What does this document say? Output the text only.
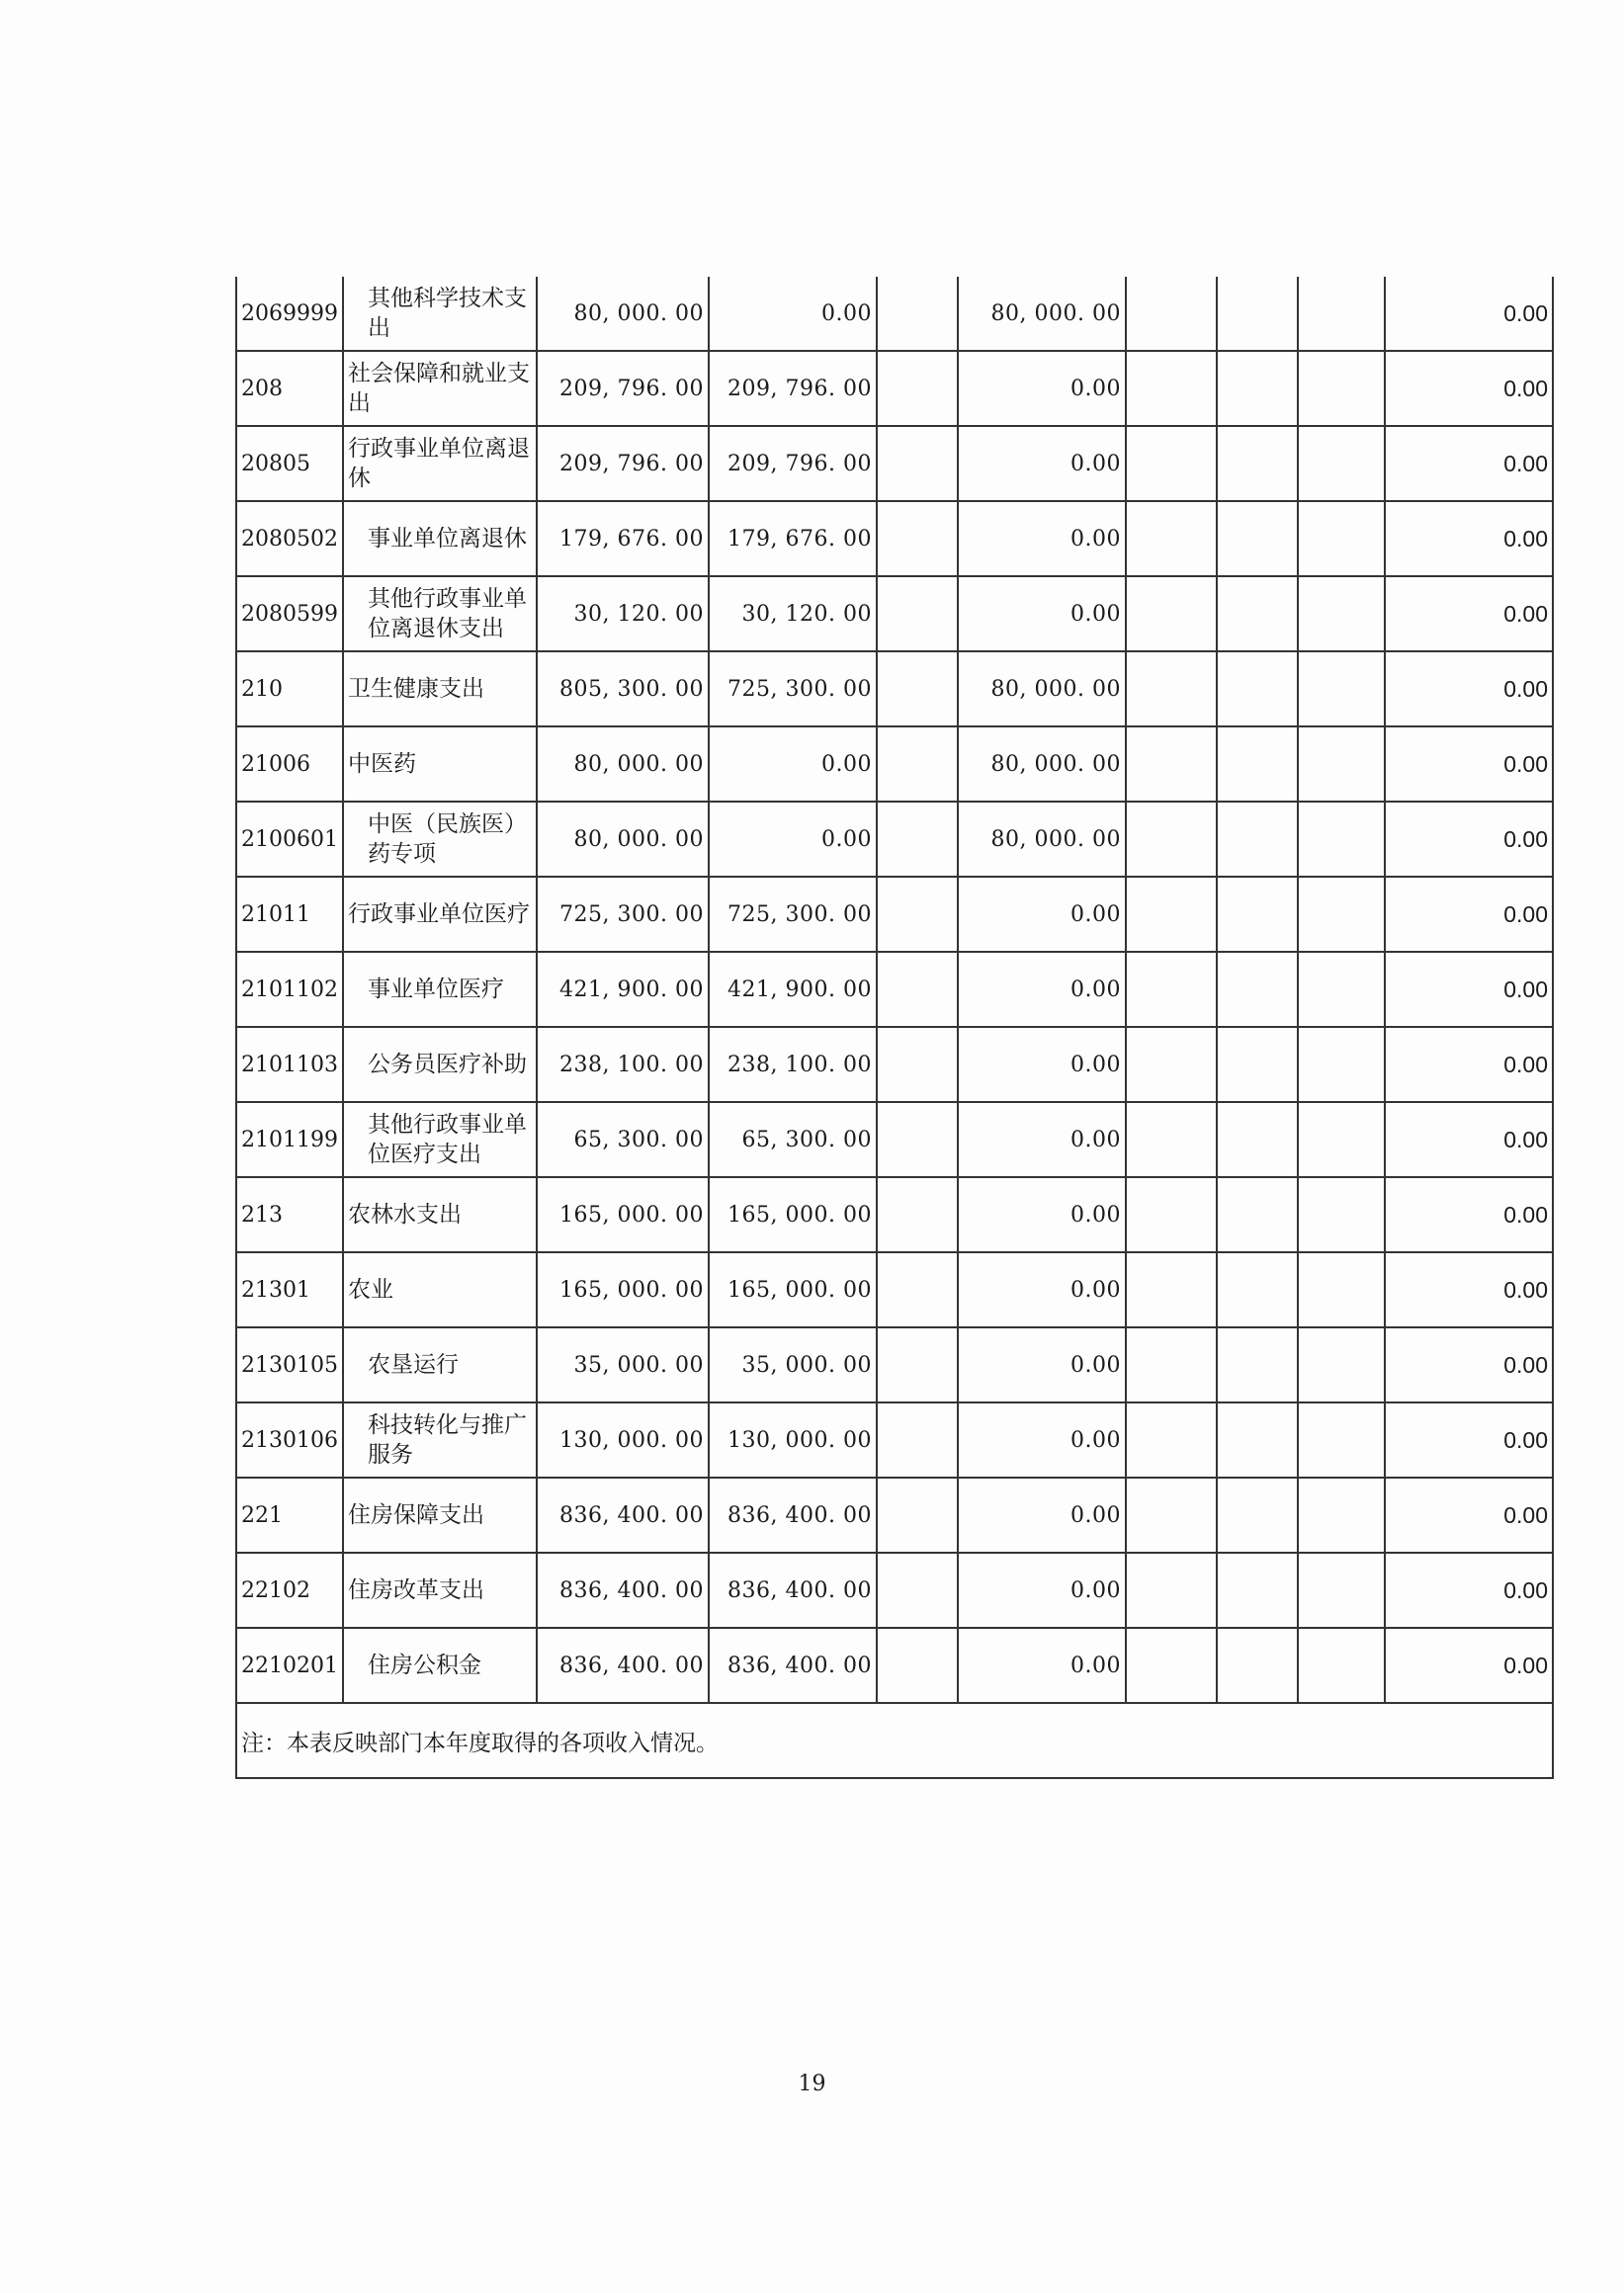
2069999	其他科学技术支出	80, 000. 00	0.00		80, 000. 00				0.00
208	社会保障和就业支出	209, 796. 00	209, 796. 00		0.00				0.00
20805	行政事业单位离退休	209, 796. 00	209, 796. 00		0.00				0.00
2080502	事业单位离退休	179, 676. 00	179, 676. 00		0.00				0.00
2080599	其他行政事业单位离退休支出	30, 120. 00	30, 120. 00		0.00				0.00
210	卫生健康支出	805, 300. 00	725, 300. 00		80, 000. 00				0.00
21006	中医药	80, 000. 00	0.00		80, 000. 00				0.00
2100601	中医（民族医）药专项	80, 000. 00	0.00		80, 000. 00				0.00
21011	行政事业单位医疗	725, 300. 00	725, 300. 00		0.00				0.00
2101102	事业单位医疗	421, 900. 00	421, 900. 00		0.00				0.00
2101103	公务员医疗补助	238, 100. 00	238, 100. 00		0.00				0.00
2101199	其他行政事业单位医疗支出	65, 300. 00	65, 300. 00		0.00				0.00
213	农林水支出	165, 000. 00	165, 000. 00		0.00				0.00
21301	农业	165, 000. 00	165, 000. 00		0.00				0.00
2130105	农垦运行	35, 000. 00	35, 000. 00		0.00				0.00
2130106	科技转化与推广服务	130, 000. 00	130, 000. 00		0.00				0.00
221	住房保障支出	836, 400. 00	836, 400. 00		0.00				0.00
22102	住房改革支出	836, 400. 00	836, 400. 00		0.00				0.00
2210201	住房公积金	836, 400. 00	836, 400. 00		0.00				0.00
注：本表反映部门本年度取得的各项收入情况。									
19
